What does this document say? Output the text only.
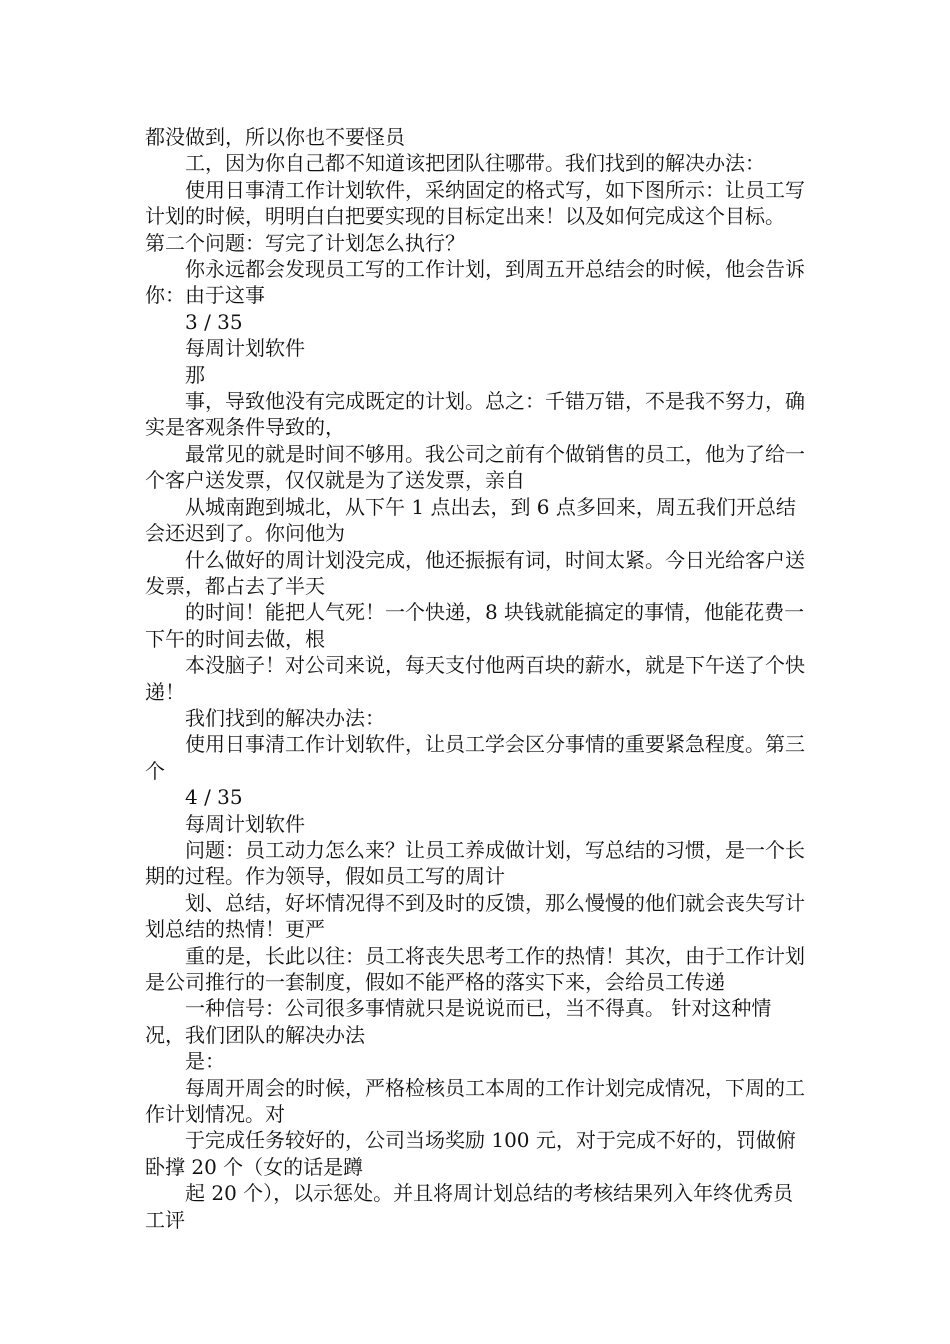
都没做到，所以你也不要怪员

工，因为你自己都不知道该把团队往哪带。我们找到的解决办法：

使用日事清工作计划软件，采纳固定的格式写，如下图所示：让员工写计划的时候，明明白白把要实现的目标定出来！以及如何完成这个目标。 第二个问题：写完了计划怎么执行？

你永远都会发现员工写的工作计划，到周五开总结会的时候，他会告诉你：由于这事

3 / 35

每周计划软件

那

事，导致他没有完成既定的计划。总之：千错万错，不是我不努力，确实是客观条件导致的，

最常见的就是时间不够用。我公司之前有个做销售的员工，他为了给一个客户送发票，仅仅就是为了送发票，亲自

从城南跑到城北，从下午 1 点出去，到 6 点多回来，周五我们开总结会还迟到了。你问他为

什么做好的周计划没完成，他还振振有词，时间太紧。今日光给客户送发票，都占去了半天

的时间！能把人气死！一个快递，8 块钱就能搞定的事情，他能花费一下午的时间去做，根

本没脑子！对公司来说，每天支付他两百块的薪水，就是下午送了个快递！

我们找到的解决办法：

使用日事清工作计划软件，让员工学会区分事情的重要紧急程度。第三个

4 / 35

每周计划软件

问题：员工动力怎么来？让员工养成做计划，写总结的习惯，是一个长期的过程。作为领导，假如员工写的周计

划、总结，好坏情况得不到及时的反馈，那么慢慢的他们就会丧失写计划总结的热情！更严

重的是，长此以往：员工将丧失思考工作的热情！其次，由于工作计划是公司推行的一套制度，假如不能严格的落实下来，会给员工传递

一种信号：公司很多事情就只是说说而已，当不得真。 针对这种情况，我们团队的解决办法

是：

每周开周会的时候，严格检核员工本周的工作计划完成情况，下周的工作计划情况。对

于完成任务较好的，公司当场奖励 100 元，对于完成不好的，罚做俯卧撑 20 个（女的话是蹲

起 20 个），以示惩处。并且将周计划总结的考核结果列入年终优秀员工评
